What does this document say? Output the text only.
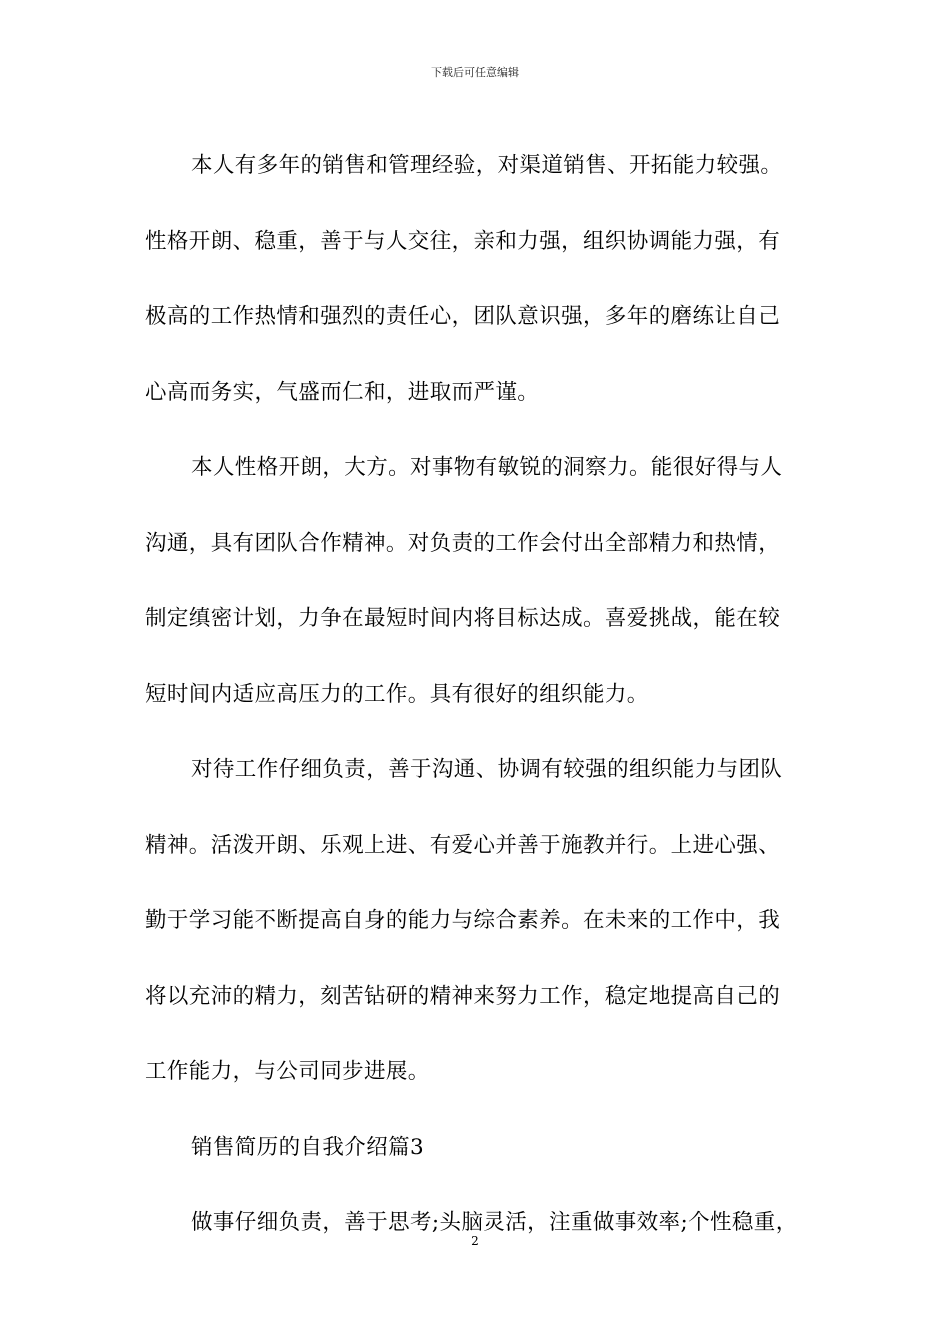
下载后可任意编辑
本人有多年的销售和管理经验，对渠道销售、开拓能力较强。
性格开朗、稳重，善于与人交往，亲和力强，组织协调能力强，有
极高的工作热情和强烈的责任心，团队意识强，多年的磨练让自己
心高而务实，气盛而仁和，进取而严谨。
本人性格开朗，大方。对事物有敏锐的洞察力。能很好得与人
沟通，具有团队合作精神。对负责的工作会付出全部精力和热情，
制定缜密计划，力争在最短时间内将目标达成。喜爱挑战，能在较
短时间内适应高压力的工作。具有很好的组织能力。
对待工作仔细负责，善于沟通、协调有较强的组织能力与团队
精神。活泼开朗、乐观上进、有爱心并善于施教并行。上进心强、
勤于学习能不断提高自身的能力与综合素养。在未来的工作中，我
将以充沛的精力，刻苦钻研的精神来努力工作，稳定地提高自己的
工作能力，与公司同步进展。
销售简历的自我介绍篇3
做事仔细负责，善于思考;头脑灵活，注重做事效率;个性稳重，
2
